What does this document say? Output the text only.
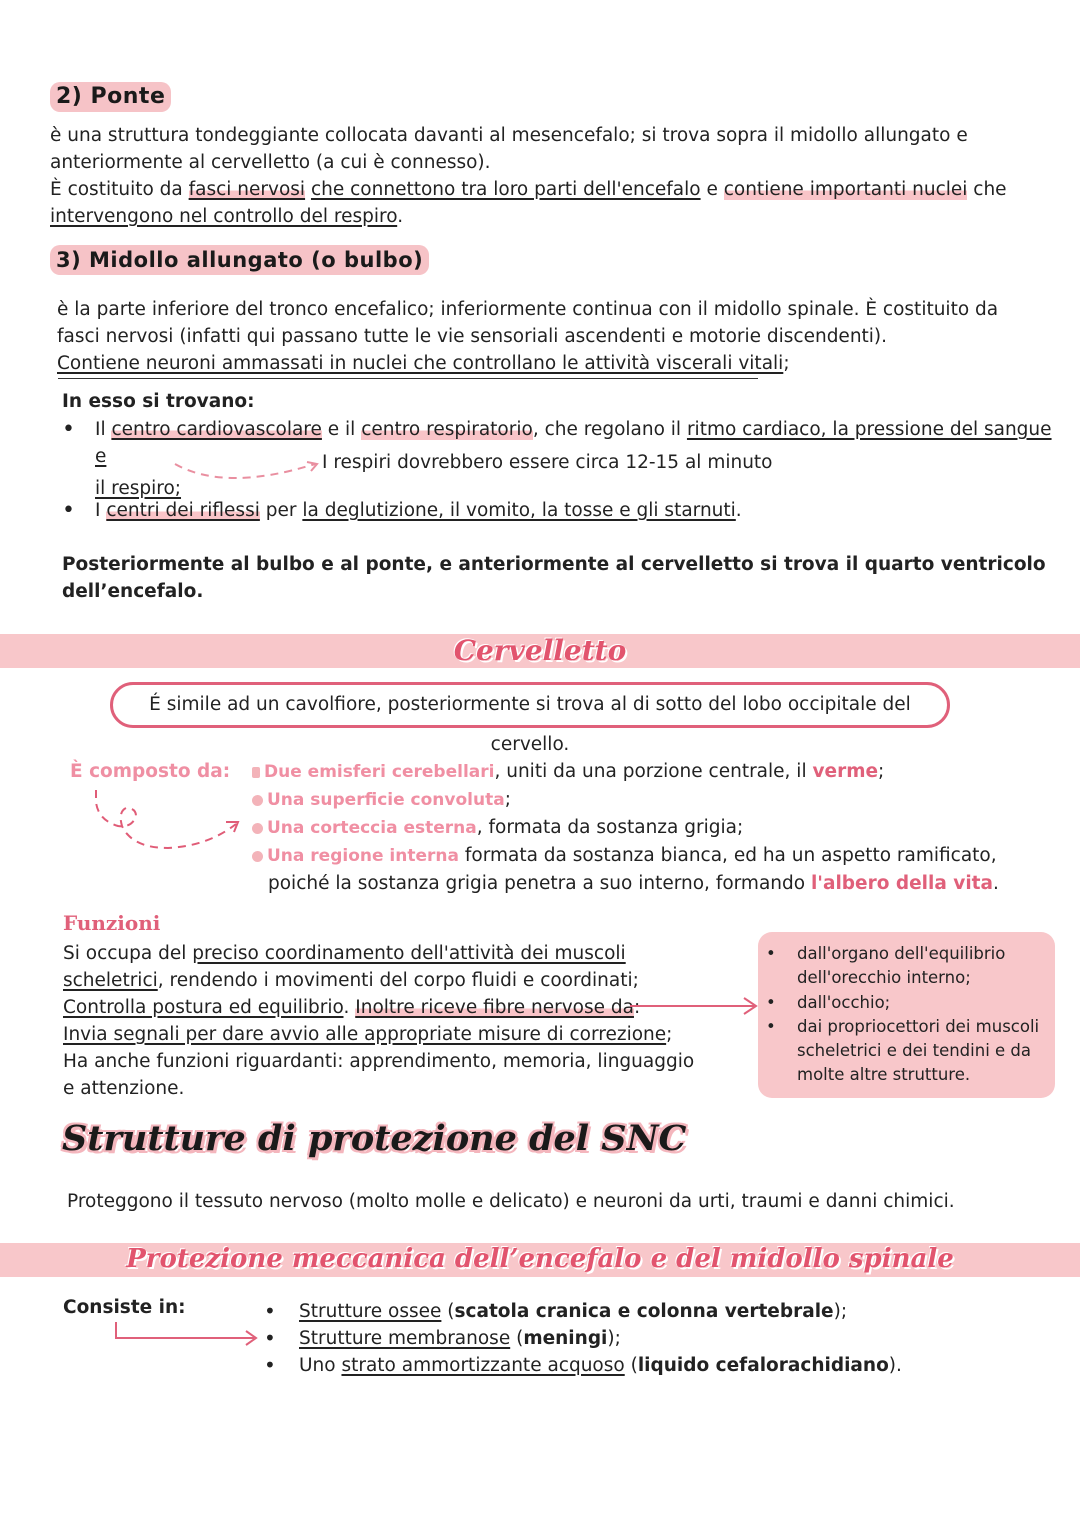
2) Ponte
è una struttura tondeggiante collocata davanti al mesencefalo; si trova sopra il midollo allungato e
anteriormente al cervelletto (a cui è connesso).
È costituito da fasci nervosi che connettono tra loro parti dell'encefalo e contiene importanti nuclei che
intervengono nel controllo del respiro.
3) Midollo allungato (o bulbo)
è la parte inferiore del tronco encefalico; inferiormente continua con il midollo spinale. È costituito da
fasci nervosi (infatti qui passano tutte le vie sensoriali ascendenti e motorie discendenti).
Contiene neuroni ammassati in nuclei che controllano le attività viscerali vitali;
In esso si trovano:
• Il centro cardiovascolare e il centro respiratorio, che regolano il ritmo cardiaco, la pressione del sangue e
il respiro;
I respiri dovrebbero essere circa 12-15 al minuto
• I centri dei riflessi per la deglutizione, il vomito, la tosse e gli starnuti.
Posteriormente al bulbo e al ponte, e anteriormente al cervelletto si trova il quarto ventricolo
dell’encefalo.
Cervelletto
É simile ad un cavolfiore, posteriormente si trova al di sotto del lobo occipitale del cervello.
È composto da:	Due emisferi cerebellari, uniti da una porzione centrale, il verme;
Una superficie convoluta;
Una corteccia esterna, formata da sostanza grigia;
Una regione interna formata da sostanza bianca, ed ha un aspetto ramificato,
poiché la sostanza grigia penetra a suo interno, formando l'albero della vita.
Funzioni
Si occupa del preciso coordinamento dell'attività dei muscoli
scheletrici, rendendo i movimenti del corpo fluidi e coordinati;
Controlla postura ed equilibrio. Inoltre riceve fibre nervose da:
Invia segnali per dare avvio alle appropriate misure di correzione;
Ha anche funzioni riguardanti: apprendimento, memoria, linguaggio
e attenzione.
• dall'organo dell'equilibrio
dell'orecchio interno;
• dall'occhio;
• dai propriocettori dei muscoli
scheletrici e dei tendini e da
molte altre strutture.
Strutture di protezione del SNC
Proteggono il tessuto nervoso (molto molle e delicato) e neuroni da urti, traumi e danni chimici.
Protezione meccanica dell’encefalo e del midollo spinale
Consiste in:	• Strutture ossee (scatola cranica e colonna vertebrale);
• Strutture membranose (meningi);
• Uno strato ammortizzante acquoso (liquido cefalorachidiano).
